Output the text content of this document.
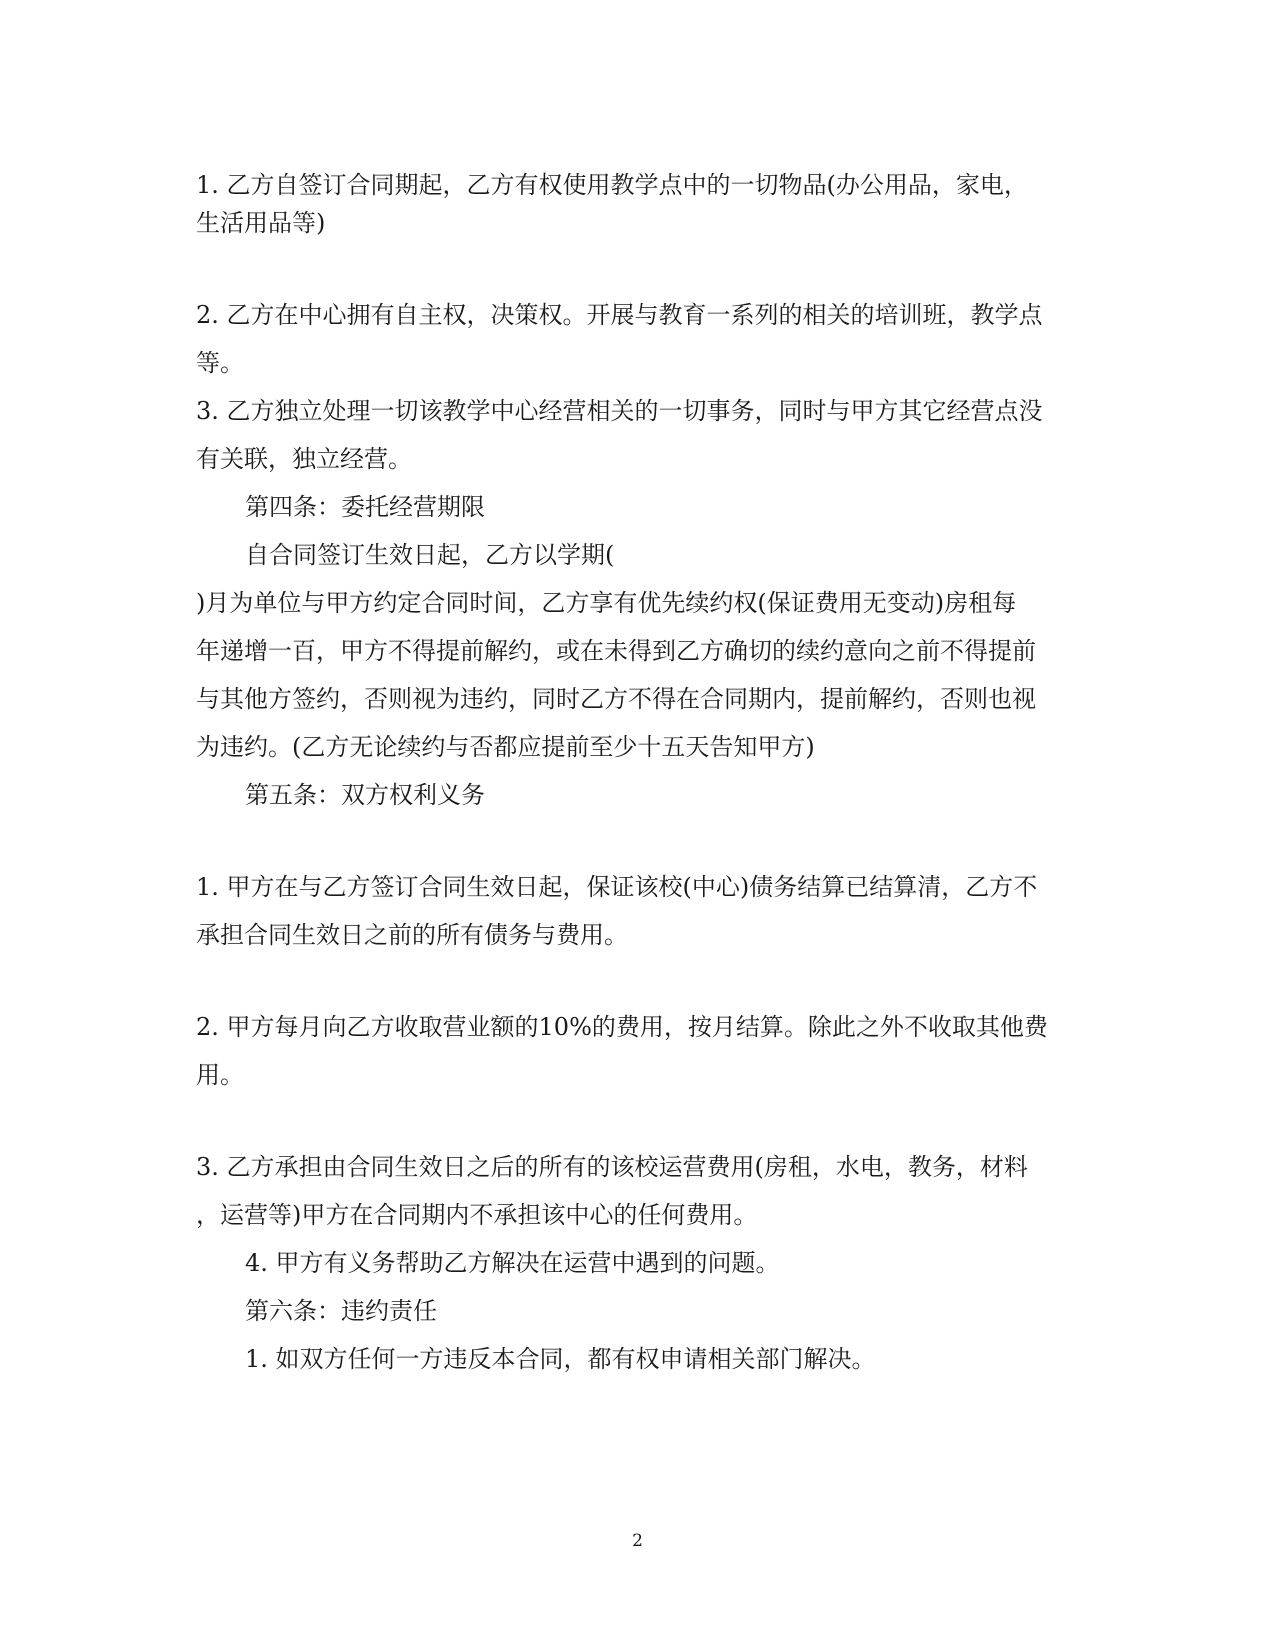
1. 乙方自签订合同期起，乙方有权使用教学点中的一切物品(办公用品，家电，

生活用品等)

2. 乙方在中心拥有自主权，决策权。开展与教育一系列的相关的培训班，教学点

等。

3. 乙方独立处理一切该教学中心经营相关的一切事务，同时与甲方其它经营点没

有关联，独立经营。

第四条：委托经营期限

自合同签订生效日起，乙方以学期(

)月为单位与甲方约定合同时间，乙方享有优先续约权(保证费用无变动)房租每

年递增一百，甲方不得提前解约，或在未得到乙方确切的续约意向之前不得提前

与其他方签约，否则视为违约，同时乙方不得在合同期内，提前解约，否则也视

为违约。(乙方无论续约与否都应提前至少十五天告知甲方)

第五条：双方权利义务

1. 甲方在与乙方签订合同生效日起，保证该校(中心)债务结算已结算清，乙方不

承担合同生效日之前的所有债务与费用。

2. 甲方每月向乙方收取营业额的10%的费用，按月结算。除此之外不收取其他费

用。

3. 乙方承担由合同生效日之后的所有的该校运营费用(房租，水电，教务，材料

，运营等)甲方在合同期内不承担该中心的任何费用。

4. 甲方有义务帮助乙方解决在运营中遇到的问题。

第六条：违约责任

1. 如双方任何一方违反本合同，都有权申请相关部门解决。

2
